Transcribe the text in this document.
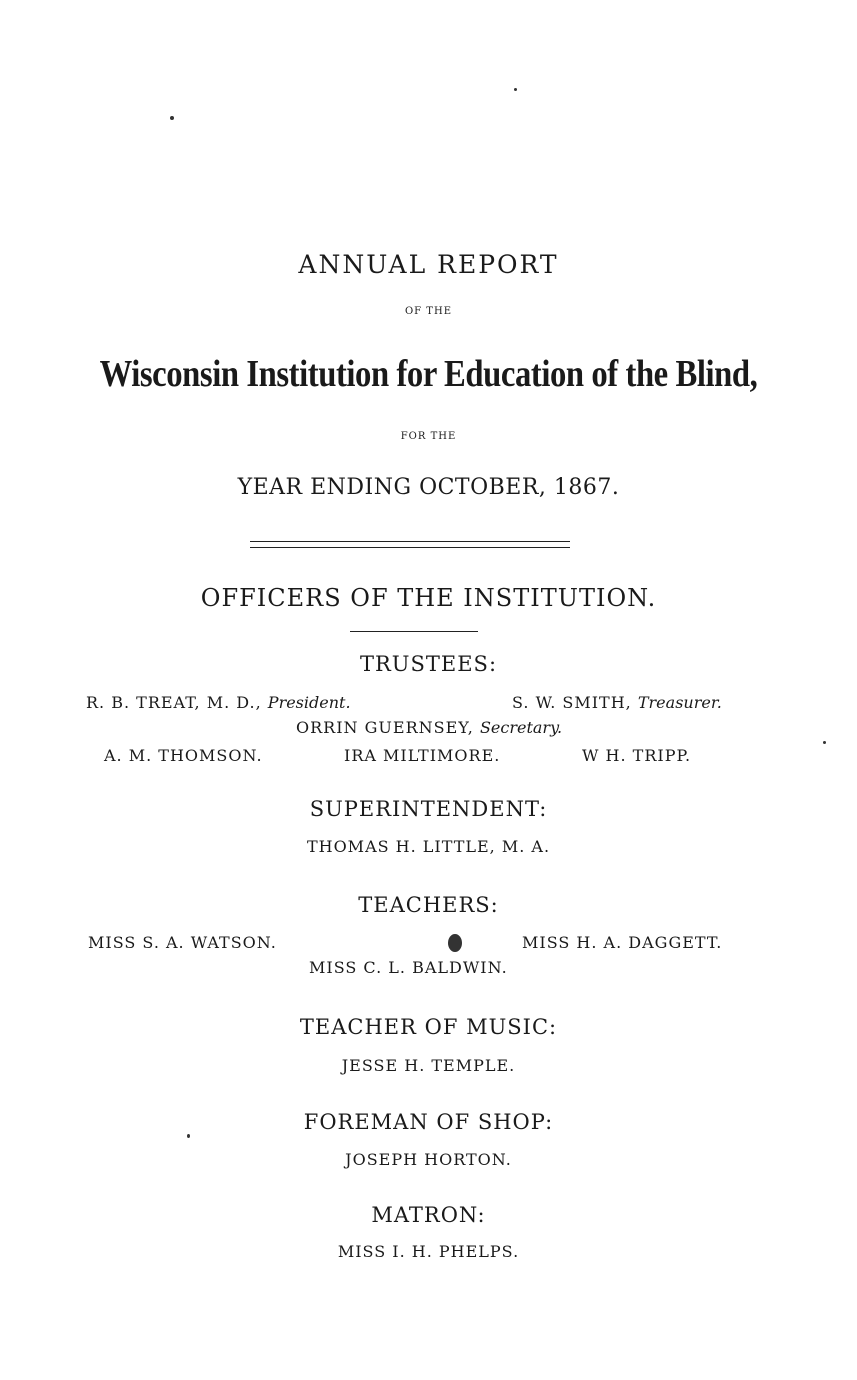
ANNUAL REPORT
OF THE
Wisconsin Institution for Education of the Blind,
FOR THE
YEAR ENDING OCTOBER, 1867.
OFFICERS OF THE INSTITUTION.
TRUSTEES:
R. B. TREAT, M. D., President.	S. W. SMITH, Treasurer.
ORRIN GUERNSEY, Secretary.
A. M. THOMSON.	IRA MILTIMORE.	W H. TRIPP.
SUPERINTENDENT:
THOMAS H. LITTLE, M. A.
TEACHERS:
MISS S. A. WATSON.	MISS H. A. DAGGETT.
MISS C. L. BALDWIN.
TEACHER OF MUSIC:
JESSE H. TEMPLE.
FOREMAN OF SHOP:
JOSEPH HORTON.
MATRON:
MISS I. H. PHELPS.
